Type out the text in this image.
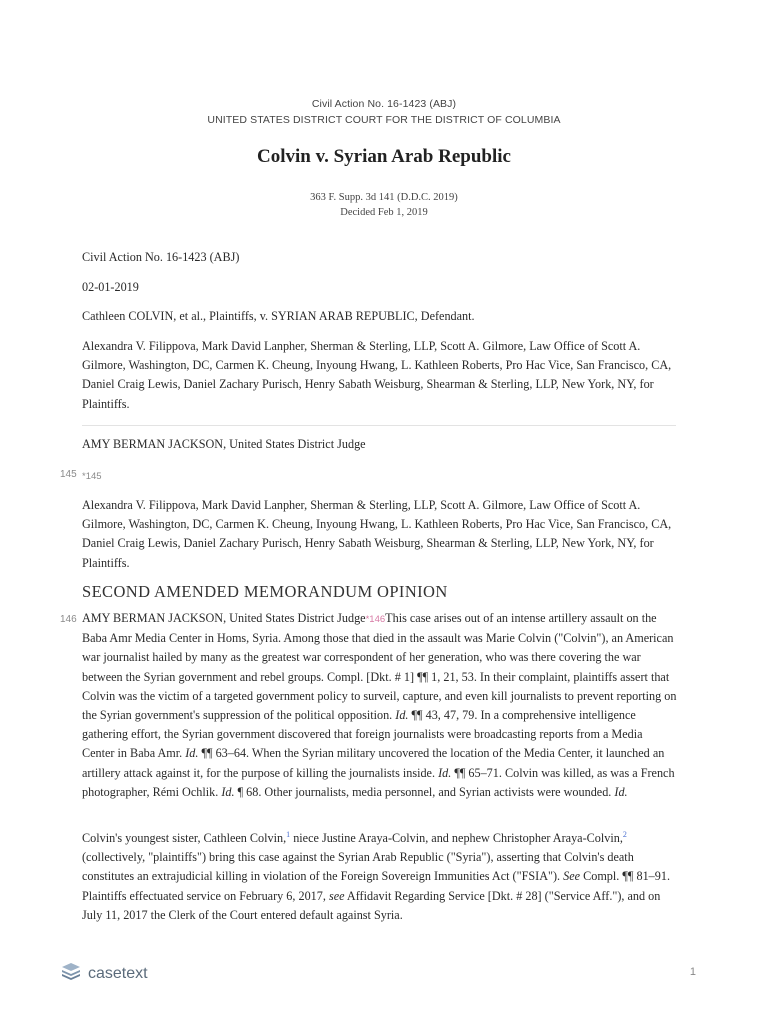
Civil Action No. 16-1423 (ABJ)
UNITED STATES DISTRICT COURT FOR THE DISTRICT OF COLUMBIA
Colvin v. Syrian Arab Republic
363 F. Supp. 3d 141 (D.D.C. 2019)
Decided Feb 1, 2019

Civil Action No. 16-1423 (ABJ)

02-01-2019

Cathleen COLVIN, et al., Plaintiffs, v. SYRIAN ARAB REPUBLIC, Defendant.

Alexandra V. Filippova, Mark David Lanpher, Sherman & Sterling, LLP, Scott A. Gilmore, Law Office of Scott A. Gilmore, Washington, DC, Carmen K. Cheung, Inyoung Hwang, L. Kathleen Roberts, Pro Hac Vice, San Francisco, CA, Daniel Craig Lewis, Daniel Zachary Purisch, Henry Sabath Weisburg, Shearman & Sterling, LLP, New York, NY, for Plaintiffs.

AMY BERMAN JACKSON, United States District Judge

145 *145

Alexandra V. Filippova, Mark David Lanpher, Sherman & Sterling, LLP, Scott A. Gilmore, Law Office of Scott A. Gilmore, Washington, DC, Carmen K. Cheung, Inyoung Hwang, L. Kathleen Roberts, Pro Hac Vice, San Francisco, CA, Daniel Craig Lewis, Daniel Zachary Purisch, Henry Sabath Weisburg, Shearman & Sterling, LLP, New York, NY, for Plaintiffs.

SECOND AMENDED MEMORANDUM OPINION
146 AMY BERMAN JACKSON, United States District Judge*146This case arises out of an intense artillery assault on the Baba Amr Media Center in Homs, Syria. Among those that died in the assault was Marie Colvin ("Colvin"), an American war journalist hailed by many as the greatest war correspondent of her generation, who was there covering the war between the Syrian government and rebel groups. Compl. [Dkt. # 1] ¶¶ 1, 21, 53. In their complaint, plaintiffs assert that Colvin was the victim of a targeted government policy to surveil, capture, and even kill journalists to prevent reporting on the Syrian government's suppression of the political opposition. Id. ¶¶ 43, 47, 79. In a comprehensive intelligence gathering effort, the Syrian government discovered that foreign journalists were broadcasting reports from a Media Center in Baba Amr. Id. ¶¶ 63–64. When the Syrian military uncovered the location of the Media Center, it launched an artillery attack against it, for the purpose of killing the journalists inside. Id. ¶¶ 65–71. Colvin was killed, as was a French photographer, Rémi Ochlik. Id. ¶ 68. Other journalists, media personnel, and Syrian activists were wounded. Id.

Colvin's youngest sister, Cathleen Colvin,$^1$ niece Justine Araya-Colvin, and nephew Christopher Araya-Colvin,$^2$ (collectively, "plaintiffs") bring this case against the Syrian Arab Republic ("Syria"), asserting that Colvin's death constitutes an extrajudicial killing in violation of the Foreign Sovereign Immunities Act ("FSIA"). See Compl. ¶¶ 81–91. Plaintiffs effectuated service on February 6, 2017, see Affidavit Regarding Service [Dkt. # 28] ("Service Aff."), and on July 11, 2017 the Clerk of the Court entered default against Syria.

casetext	1
